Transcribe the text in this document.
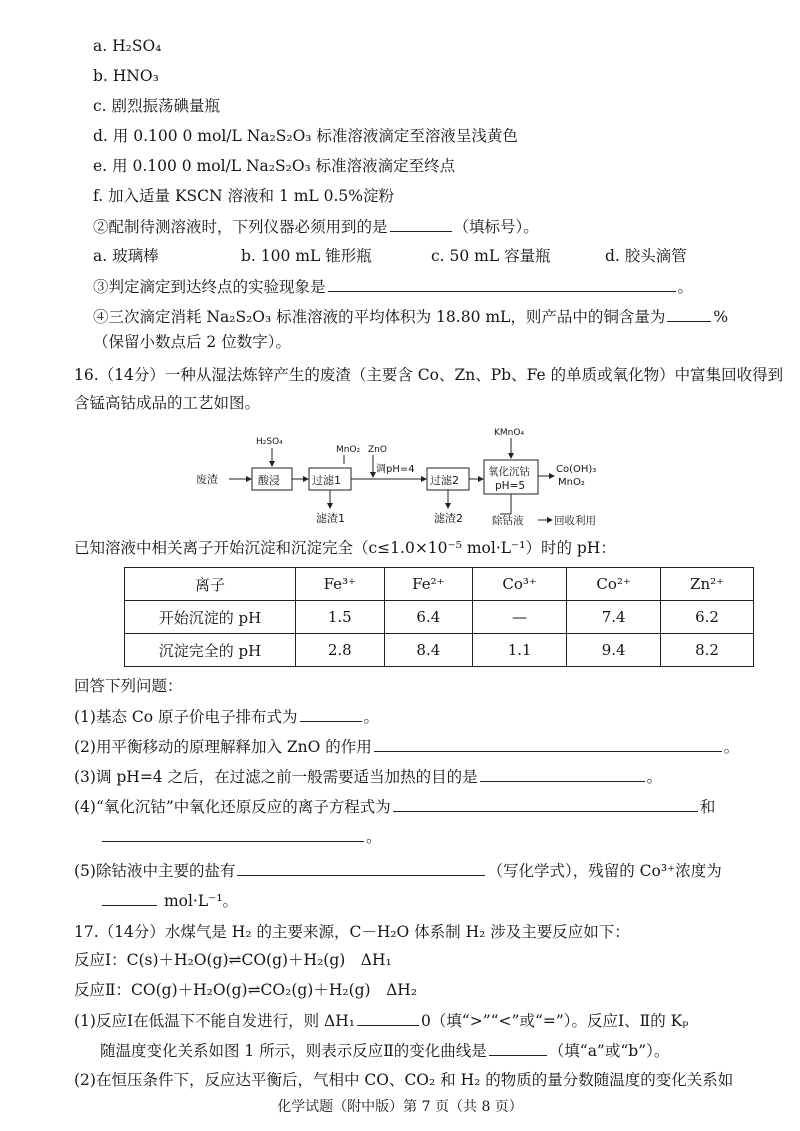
a. H₂SO₄
b. HNO₃
c. 剧烈振荡碘量瓶
d. 用 0.100 0 mol/L Na₂S₂O₃ 标准溶液滴定至溶液呈浅黄色
e. 用 0.100 0 mol/L Na₂S₂O₃ 标准溶液滴定至终点
f. 加入适量 KSCN 溶液和 1 mL 0.5%淀粉
②配制待测溶液时，下列仪器必须用到的是	（填标号）。
a. 玻璃棒	b. 100 mL 锥形瓶	c. 50 mL 容量瓶	d. 胶头滴管
③判定滴定到达终点的实验现象是	。
④三次滴定消耗 Na₂S₂O₃ 标准溶液的平均体积为 18.80 mL，则产品中的铜含量为	%
（保留小数点后 2 位数字）。
16.（14分）一种从湿法炼锌产生的废渣（主要含 Co、Zn、Pb、Fe 的单质或氧化物）中富集回收得到
含锰高钴成品的工艺如图。
废渣
H₂SO₄
酸浸	过滤1
滤渣1
MnO₂ ZnO
调pH=4
过滤2
滤渣2
KMnO₄
氧化沉钴
pH=5
Co(OH)₃
MnO₂
除钴液	回收利用
已知溶液中相关离子开始沉淀和沉淀完全（c≤1.0×10⁻⁵ mol·L⁻¹）时的 pH：
离子	Fe³⁺	Fe²⁺	Co³⁺	Co²⁺	Zn²⁺
开始沉淀的 pH	1.5	6.4	—	7.4	6.2
沉淀完全的 pH	2.8	8.4	1.1	9.4	8.2
回答下列问题：
(1)基态 Co 原子价电子排布式为	。
(2)用平衡移动的原理解释加入 ZnO 的作用	。
(3)调 pH=4 之后，在过滤之前一般需要适当加热的目的是	。
(4)“氧化沉钴”中氧化还原反应的离子方程式为	和
。
(5)除钴液中主要的盐有	（写化学式），残留的 Co³⁺浓度为
mol·L⁻¹。
17.（14分）水煤气是 H₂ 的主要来源，C－H₂O 体系制 H₂ 涉及主要反应如下：
反应Ⅰ：C(s)＋H₂O(g)⇌CO(g)＋H₂(g)　ΔH₁
反应Ⅱ：CO(g)＋H₂O(g)⇌CO₂(g)＋H₂(g)　ΔH₂
(1)反应Ⅰ在低温下不能自发进行，则 ΔH₁	0（填“>”“<”或“=”）。反应Ⅰ、Ⅱ的 Kₚ
随温度变化关系如图 1 所示，则表示反应Ⅱ的变化曲线是	（填“a”或“b”）。
(2)在恒压条件下，反应达平衡后，气相中 CO、CO₂ 和 H₂ 的物质的量分数随温度的变化关系如
化学试题（附中版）第 7 页（共 8 页）
